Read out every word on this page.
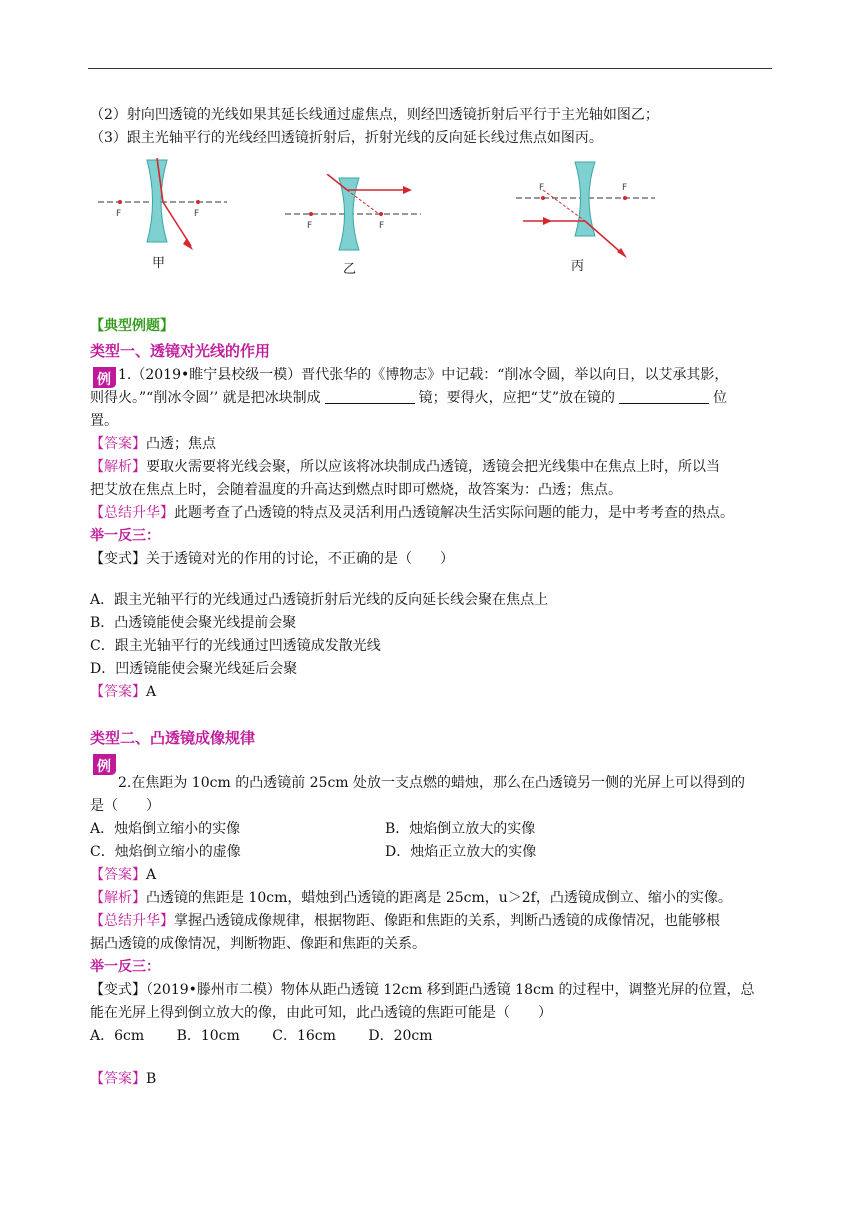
（2）射向凹透镜的光线如果其延长线通过虚焦点，则经凹透镜折射后平行于主光轴如图乙；
（3）跟主光轴平行的光线经凹透镜折射后，折射光线的反向延长线过焦点如图丙。
F	F
甲
F	F
乙
F	F
丙
【典型例题】
类型一、透镜对光线的作用
例 1.（2019•睢宁县校级一模）晋代张华的《博物志》中记载：“削冰令圆，举以向日，以艾承其影，
则得火。”“削冰令圆’’ 就是把冰块制成	镜；要得火，应把“艾”放在镜的	位
置。
【答案】凸透；焦点
【解析】要取火需要将光线会聚，所以应该将冰块制成凸透镜，透镜会把光线集中在焦点上时，所以当
把艾放在焦点上时，会随着温度的升高达到燃点时即可燃烧，故答案为：凸透；焦点。
【总结升华】此题考查了凸透镜的特点及灵活利用凸透镜解决生活实际问题的能力，是中考考查的热点。
举一反三：
【变式】关于透镜对光的作用的讨论，不正确的是（　　）
A．跟主光轴平行的光线通过凸透镜折射后光线的反向延长线会聚在焦点上
B．凸透镜能使会聚光线提前会聚
C．跟主光轴平行的光线通过凹透镜成发散光线
D．凹透镜能使会聚光线延后会聚
【答案】A
类型二、凸透镜成像规律
例
2.在焦距为 10cm 的凸透镜前 25cm 处放一支点燃的蜡烛，那么在凸透镜另一侧的光屏上可以得到的
是（　　）
A．烛焰倒立缩小的实像	B．烛焰倒立放大的实像
C．烛焰倒立缩小的虚像	D．烛焰正立放大的实像
【答案】A
【解析】凸透镜的焦距是 10cm，蜡烛到凸透镜的距离是 25cm，u＞2f，凸透镜成倒立、缩小的实像。
【总结升华】掌握凸透镜成像规律，根据物距、像距和焦距的关系，判断凸透镜的成像情况，也能够根
据凸透镜的成像情况，判断物距、像距和焦距的关系。
举一反三：
【变式】（2019•滕州市二模）物体从距凸透镜 12cm 移到距凸透镜 18cm 的过程中，调整光屏的位置，总
能在光屏上得到倒立放大的像，由此可知，此凸透镜的焦距可能是（　　）
A．6cm　　 B．10cm　　 C．16cm　　 D．20cm
【答案】B
